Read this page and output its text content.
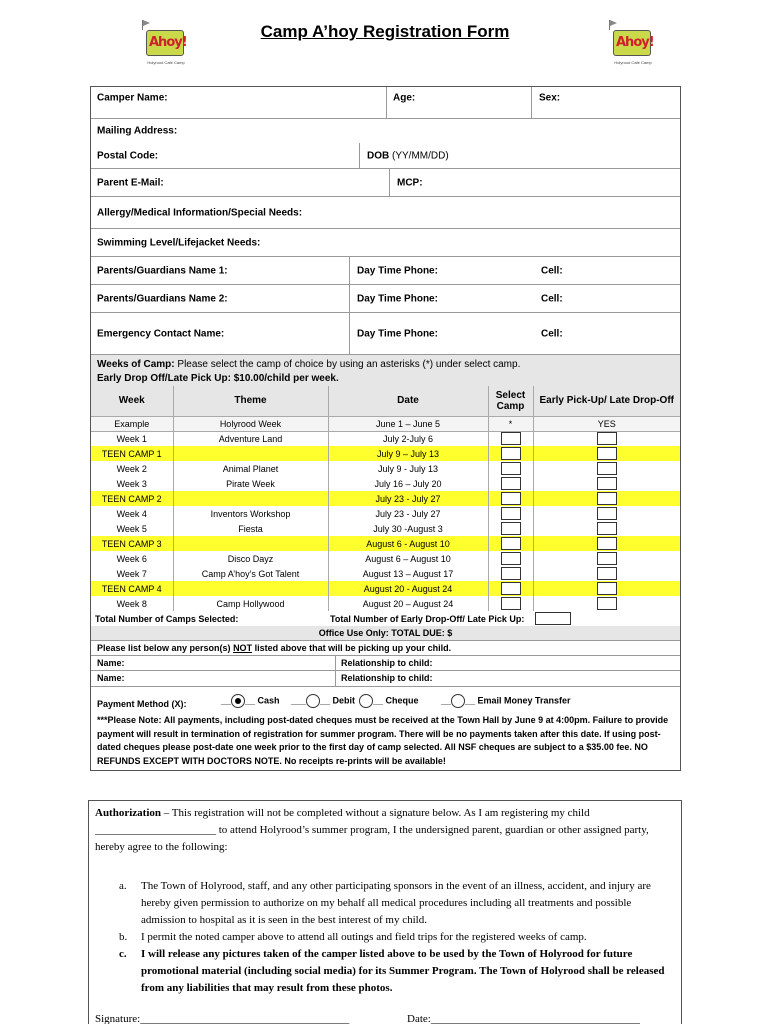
Ahoy!
Holyrood Café Camp
Ahoy!
Holyrood Café Camp
Camp A’hoy Registration Form
Camper Name:	Age:	Sex:
Mailing Address:
Postal Code:	DOB (YY/MM/DD)
Parent E-Mail:	MCP:
Allergy/Medical Information/Special Needs:
Swimming Level/Lifejacket Needs:
Parents/Guardians Name 1:	Day Time Phone:	Cell:
Parents/Guardians Name 2:	Day Time Phone:	Cell:
Emergency Contact Name:	Day Time Phone:	Cell:
Weeks of Camp: Please select the camp of choice by using an asterisks (*) under select camp.
Early Drop Off/Late Pick Up: $10.00/child per week.
Week	Theme	Date	Select Camp	Early Pick-Up/ Late Drop-Off
Example	Holyrood Week	June 1 – June 5	*	YES
Week 1	Adventure Land	July 2-July 6		
TEEN CAMP 1		July 9 – July 13		
Week 2	Animal Planet	July 9 - July 13		
Week 3	Pirate Week	July 16 – July 20		
TEEN CAMP 2		July 23 - July 27		
Week 4	Inventors Workshop	July 23 - July 27		
Week 5	Fiesta	July 30 -August 3		
TEEN CAMP 3		August 6 - August 10		
Week 6	Disco Dayz	August 6 – August 10		
Week 7	Camp A’hoy’s Got Talent	August 13 – August 17		
TEEN CAMP 4		August 20 - August 24		
Week 8	Camp Hollywood	August 20 – August 24		
Total Number of Camps Selected:		Total Number of Early Drop-Off/ Late Pick Up:		
Office Use Only: TOTAL DUE: $
Please list below any person(s) NOT listed above that will be picking up your child.
Name:	Relationship to child:
Name:	Relationship to child:
Payment Method (X):	__ __ Cash ___ __ Debit	__ Cheque __ __ Email Money Transfer
***Please Note: All payments, including post-dated cheques must be received at the Town Hall by June 9 at 4:00pm. Failure to provide payment will result in termination of registration for summer program. There will be no payments taken after this date. If using post-dated cheques please post-date one week prior to the first day of camp selected. All NSF cheques are subject to a $35.00 fee. NO REFUNDS EXCEPT WITH DOCTORS NOTE. No receipts re-prints will be available!

Authorization – This registration will not be completed without a signature below. As I am registering my child ______________________ to attend Holyrood’s summer program, I the undersigned parent, guardian or other assigned party, hereby agree to the following:

a. The Town of Holyrood, staff, and any other participating sponsors in the event of an illness, accident, and injury are hereby given permission to authorize on my behalf all medical procedures including all treatments and possible admission to hospital as it is seen in the best interest of my child.
b. I permit the noted camper above to attend all outings and field trips for the registered weeks of camp.
c. I will release any pictures taken of the camper listed above to be used by the Town of Holyrood for future promotional material (including social media) for its Summer Program. The Town of Holyrood shall be released from any liabilities that may result from these photos.
Signature:______________________________________	Date:______________________________________
